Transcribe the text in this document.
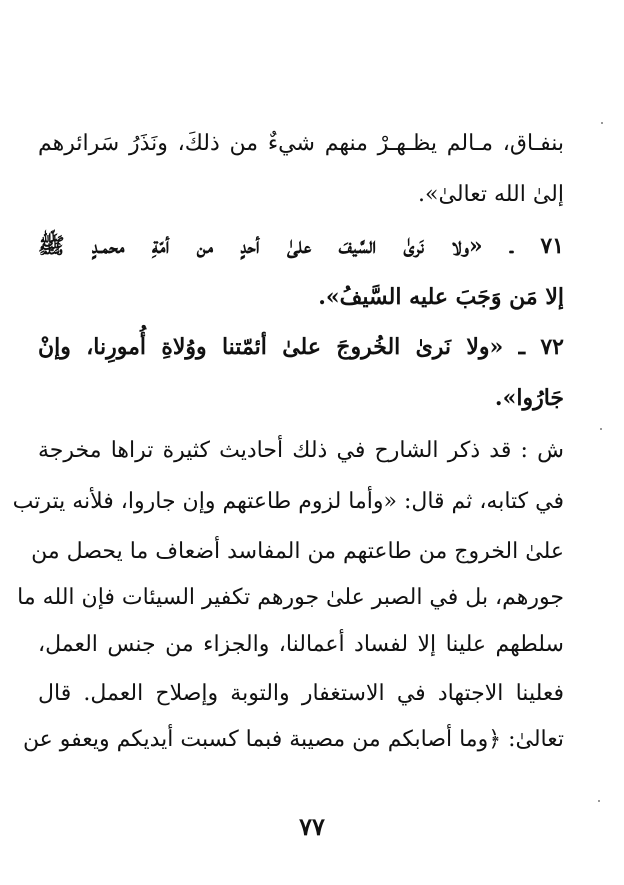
بنفـاق، مـالم يظـهـرْ منهم شيءٌ من ذلكَ، ونَذَرُ سَرائرهم
إلىٰ الله تعالىٰ».
٧١ ـ «ولا نَرىٰ السَّيفَ علىٰ أحدٍ من أمّةِ محمـدٍ ﷺ
إلا مَن وَجَبَ عليه السَّيفُ».
٧٢ ـ «ولا نَرىٰ الخُروجَ علىٰ أئمّتنا ووُلاةِ أُمورِنا، وإنْ
جَارُوا».
ش : قد ذكر الشارح في ذلك أحاديث كثيرة تراها مخرجة
في كتابه، ثم قال: «وأما لزوم طاعتهم وإن جاروا، فلأنه يترتب
علىٰ الخروج من طاعتهم من المفاسد أضعاف ما يحصل من
جورهم، بل في الصبر علىٰ جورهم تكفير السيئات فإن الله ما
سلطهم علينا إلا لفساد أعمالنا، والجزاء من جنس العمل،
فعلينا الاجتهاد في الاستغفار والتوبة وإصلاح العمل. قال
تعالىٰ: ﴿وما أصابكم من مصيبة فبما كسبت أيديكم ويعفو عن
٧٧
